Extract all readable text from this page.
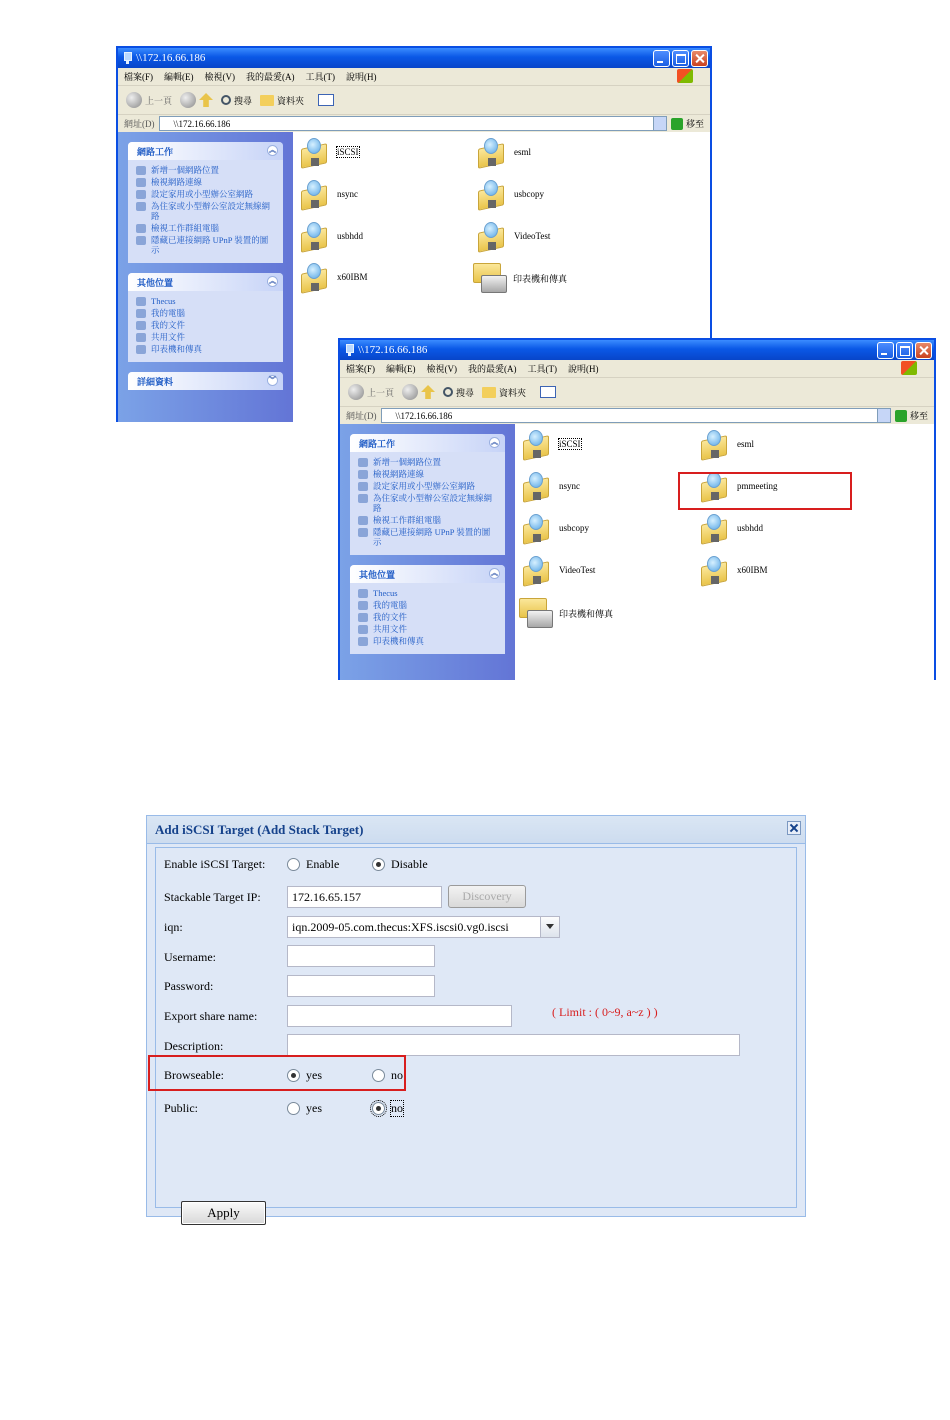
\\172.16.66.186
檔案(F) 編輯(E) 檢視(V) 我的最愛(A) 工具(T) 說明(H)
上一頁	搜尋	資料夾
網址(D) \\172.16.66.186	移至
網路工作	︽
新增一個網路位置
檢視網路連線
設定家用或小型辦公室網路
為住家或小型辦公室設定無線網路
檢視工作群組電腦
隱藏已連接網路 UPnP 裝置的圖示
其他位置	︽
Thecus
我的電腦
我的文件
共用文件
印表機和傳真
詳細資料	︾
iSCSI	esml
nsync	usbcopy
usbhdd	VideoTest
x60IBM	印表機和傳真
\\172.16.66.186
檔案(F) 編輯(E) 檢視(V) 我的最愛(A) 工具(T) 說明(H)
上一頁	搜尋	資料夾
網址(D) \\172.16.66.186	移至
網路工作	︽
新增一個網路位置
檢視網路連線
設定家用或小型辦公室網路
為住家或小型辦公室設定無線網路
檢視工作群組電腦
隱藏已連接網路 UPnP 裝置的圖示
其他位置	︽
Thecus
我的電腦
我的文件
共用文件
印表機和傳真
iSCSI	esml
nsync	pmmeeting
usbcopy	usbhdd
VideoTest	x60IBM
印表機和傳真
Add iSCSI Target (Add Stack Target)
Enable iSCSI Target:	Enable	Disable
Stackable Target IP:	172.16.65.157	Discovery
iqn:	iqn.2009-05.com.thecus:XFS.iscsi0.vg0.iscsi
Username:
Password:
Export share name:	( Limit : ( 0~9, a~z ) )
Description:
Browseable:	yes	no
Public:	yes	no
Apply
